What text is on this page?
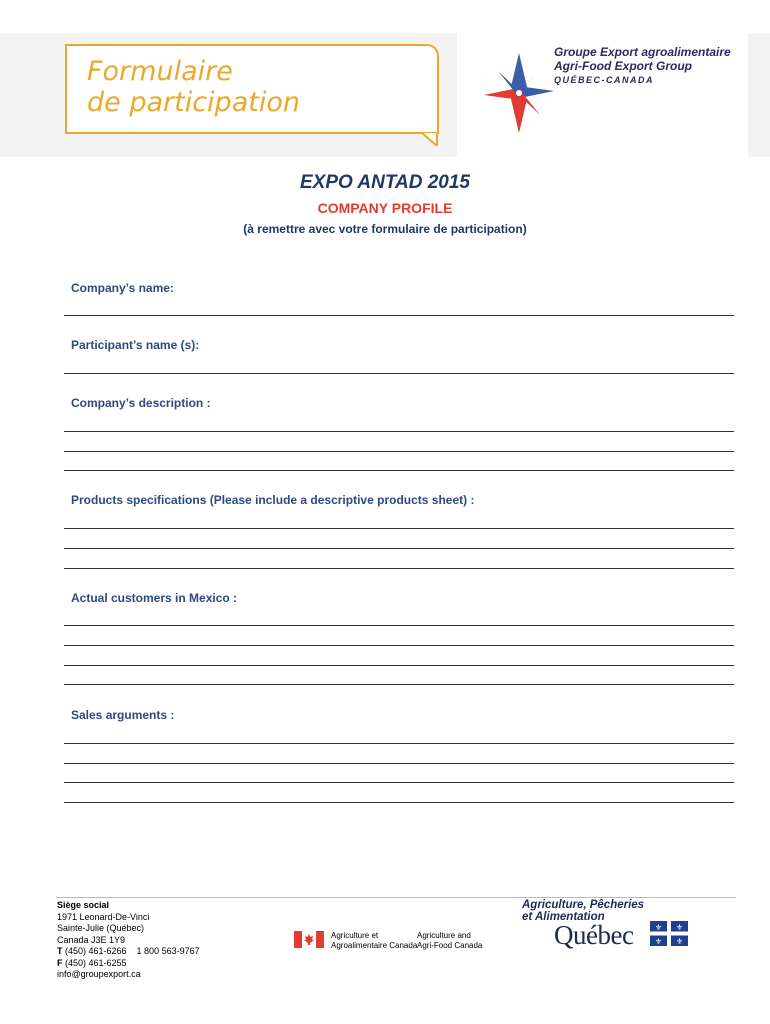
Formulaire
de participation

Groupe Export agroalimentaire
Agri-Food Export Group
QUÉBEC-CANADA
EXPO ANTAD 2015
COMPANY PROFILE
(à remettre avec votre formulaire de participation)
Company’s name:
Participant’s name (s):
Company’s description :
Products specifications (Please include a descriptive products sheet) :
Actual customers in Mexico :
Sales arguments :
Siège social
1971 Leonard-De-Vinci
Sainte-Julie (Québec)
Canada J3E 1Y9
T (450) 461-6266    1 800 563-9767
F (450) 461-6255
info@groupexport.ca
Agriculture et
Agroalimentaire Canada
Agriculture and
Agri-Food Canada
Agriculture, Pêcheries
et Alimentation
Québec	⚜ ⚜
⚜ ⚜
